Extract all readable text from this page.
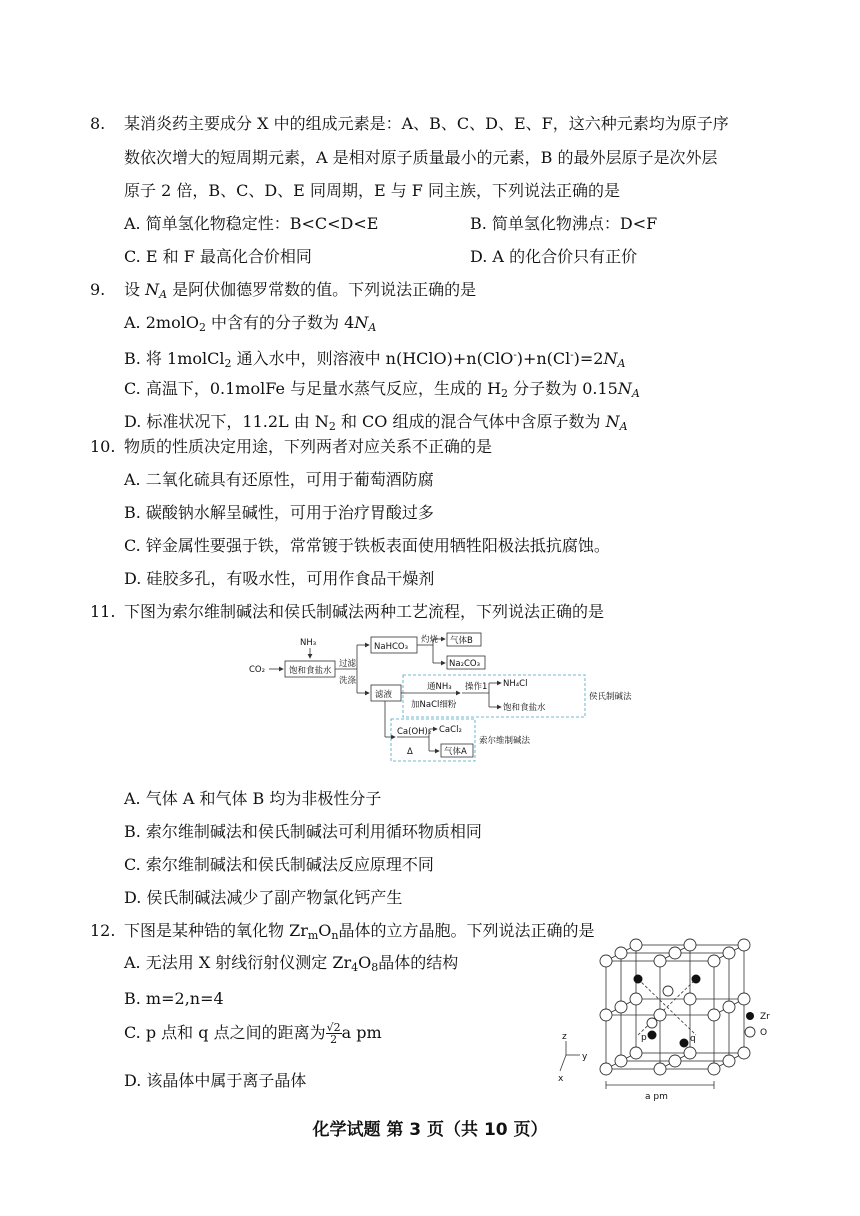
8. 某消炎药主要成分 X 中的组成元素是：A、B、C、D、E、F，这六种元素均为原子序
数依次增大的短周期元素，A 是相对原子质量最小的元素，B 的最外层原子是次外层
原子 2 倍，B、C、D、E 同周期，E 与 F 同主族，下列说法正确的是
A. 简单氢化物稳定性：B<C<D<E	B. 简单氢化物沸点：D<F
C. E 和 F 最高化合价相同	D. A 的化合价只有正价
9. 设 $N_A$ 是阿伏伽德罗常数的值。下列说法正确的是
A. 2molO$_2$ 中含有的分子数为 $4N_A$
B. 将 1molCl$_2$ 通入水中，则溶液中 $n(HClO)+n(ClO^-)+n(Cl^-)=2N_A$
C. 高温下，0.1molFe 与足量水蒸气反应，生成的 $H_2$ 分子数为 $0.15N_A$
D. 标准状况下，11.2L 由 $N_2$ 和 CO 组成的混合气体中含原子数为 $N_A$
10. 物质的性质决定用途，下列两者对应关系不正确的是
A. 二氧化硫具有还原性，可用于葡萄酒防腐
B. 碳酸钠水解呈碱性，可用于治疗胃酸过多
C. 锌金属性要强于铁，常常镀于铁板表面使用牺牲阳极法抵抗腐蚀。
D. 硅胶多孔，有吸水性，可用作食品干燥剂
11. 下图为索尔维制碱法和侯氏制碱法两种工艺流程，下列说法正确的是
NH₃
CO₂	饱和食盐水
过滤
洗涤
NaHCO₃
灼烧 气体B
Na₂CO₃
滤液
通NH₃
加NaCl细粉
操作1 NH₄Cl
饱和食盐水
侯氏制碱法
Ca(OH)₂
Δ
CaCl₂
气体A
索尔维制碱法
A. 气体 A 和气体 B 均为非极性分子
B. 索尔维制碱法和侯氏制碱法可利用循环物质相同
C. 索尔维制碱法和侯氏制碱法反应原理不同
D. 侯氏制碱法减少了副产物氯化钙产生
12. 下图是某种锆的氧化物 $Zr_mO_n$晶体的立方晶胞。下列说法正确的是
A. 无法用 X 射线衍射仪测定 $Zr_4O_8$晶体的结构
B. m=2,n=4
C. p 点和 q 点之间的距离为 $\frac{√2}{2}$ a pm
D. 该晶体中属于离子晶体
p	q
z
y
x
Zr
O
a pm
化学试题 第 3 页（共 10 页）
